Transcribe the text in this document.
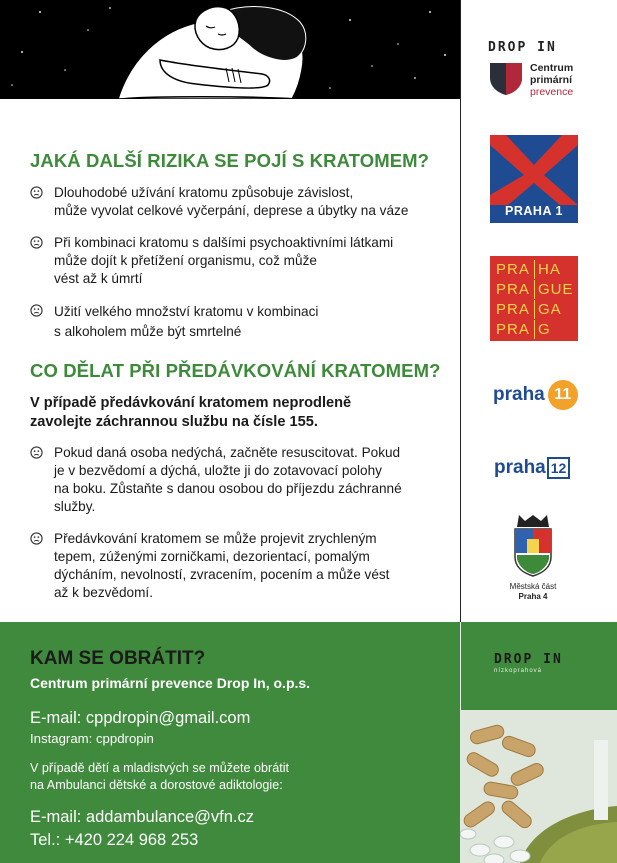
DROP IN
Centrum
primární
prevence
PRAHA 1
PRA HA
PRA GUE
PRA GA
PRA G
praha 11
praha 12
Městská část
Praha 4
JAKÁ DALŠÍ RIZIKA SE POJÍ S KRATOMEM?
Dlouhodobé užívání kratomu způsobuje závislost,
může vyvolat celkové vyčerpání, deprese a úbytky na váze
Při kombinaci kratomu s dalšími psychoaktivními látkami
může dojít k přetížení organismu, což může
vést až k úmrtí
Užití velkého množství kratomu v kombinaci
s alkoholem může být smrtelné
CO DĚLAT PŘI PŘEDÁVKOVÁNÍ KRATOMEM?

V případě předávkování kratomem neprodleně
zavolejte záchrannou službu na čísle 155.

Pokud daná osoba nedýchá, začněte resuscitovat. Pokud
je v bezvědomí a dýchá, uložte ji do zotavovací polohy
na boku. Zůstaňte s danou osobou do příjezdu záchranné
služby.
Předávkování kratomem se může projevit zrychleným
tepem, zúženými zorničkami, dezorientací, pomalým
dýcháním, nevolností, zvracením, pocením a může vést
až k bezvědomí.
KAM SE OBRÁTIT?
Centrum primární prevence Drop In, o.p.s.
E-mail: cppdropin@gmail.com
Instagram: cppdropin
V případě dětí a mladistvých se můžete obrátit
na Ambulanci dětské a dorostové adiktologie:
E-mail: addambulance@vfn.cz
Tel.: +420 224 968 253
DROP IN
nízkoprahová
